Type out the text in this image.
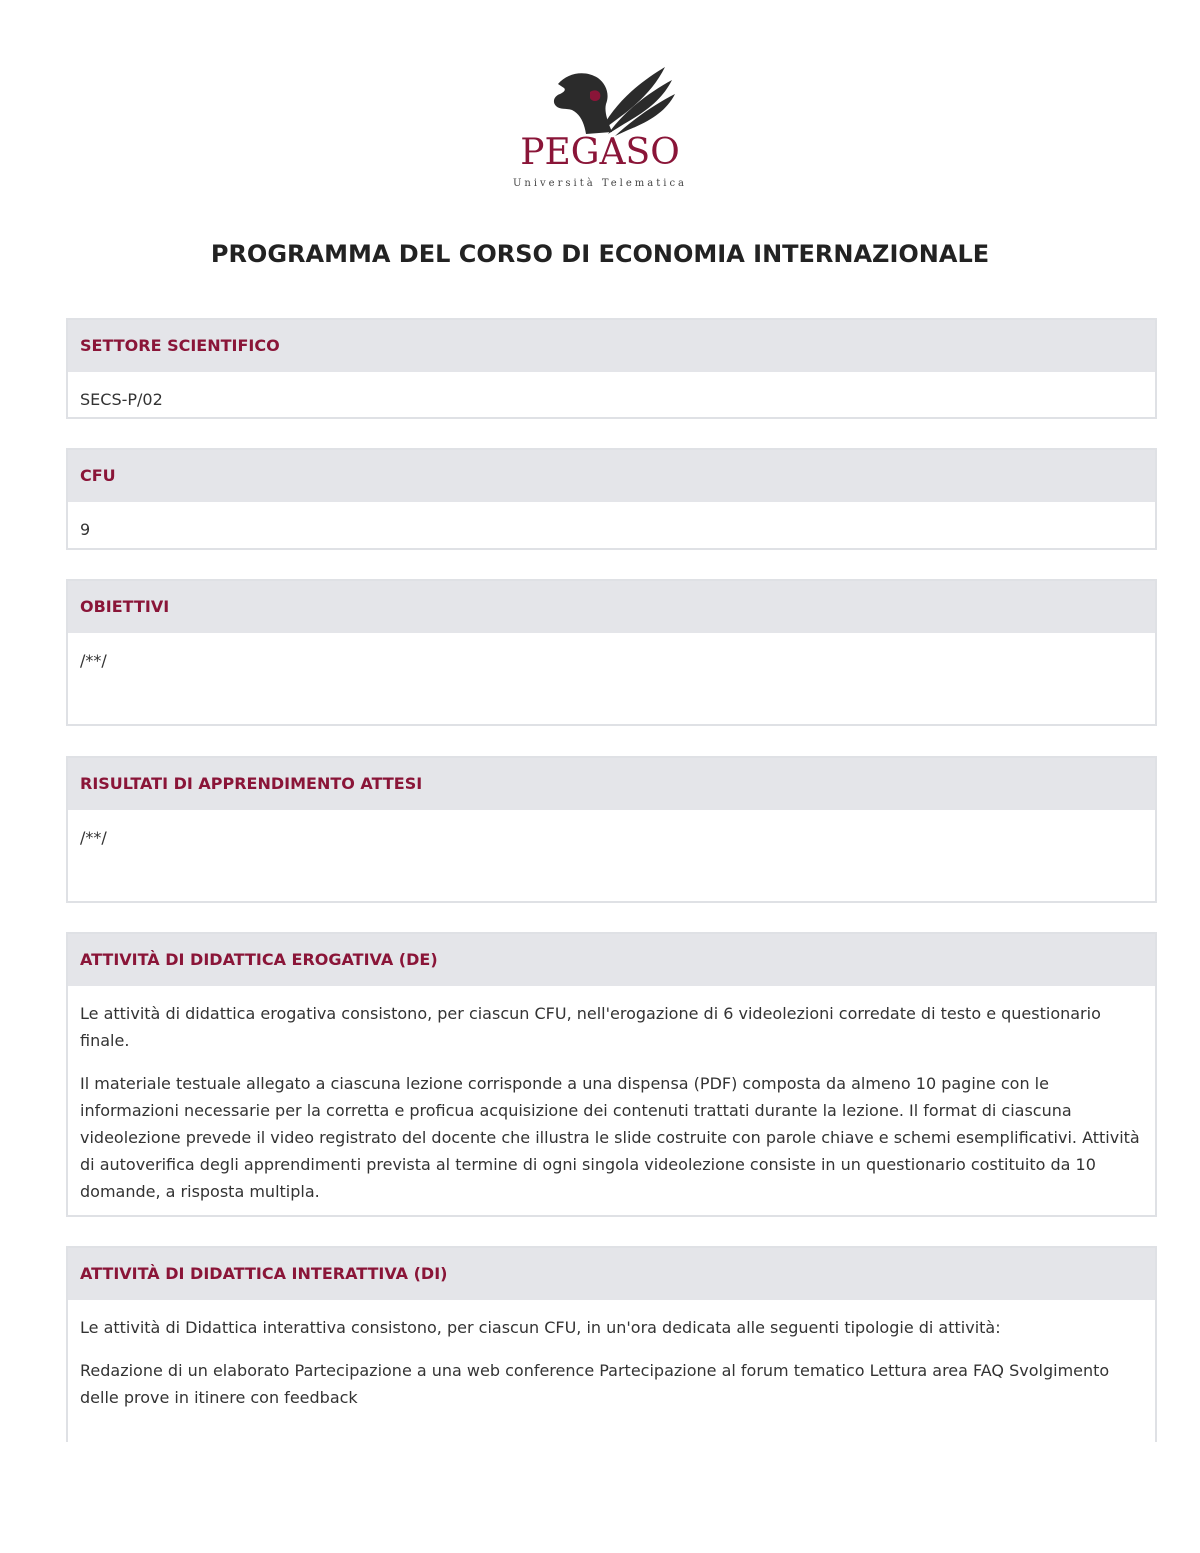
PEGASO
Università Telematica
PROGRAMMA DEL CORSO DI ECONOMIA INTERNAZIONALE
SETTORE SCIENTIFICO

SECS-P/02

CFU

9

OBIETTIVI

/**/

RISULTATI DI APPRENDIMENTO ATTESI

/**/

ATTIVITÀ DI DIDATTICA EROGATIVA (DE)

Le attività di didattica erogativa consistono, per ciascun CFU, nell'erogazione di 6 videolezioni corredate di testo e questionario finale.

Il materiale testuale allegato a ciascuna lezione corrisponde a una dispensa (PDF) composta da almeno 10 pagine con le informazioni necessarie per la corretta e proficua acquisizione dei contenuti trattati durante la lezione. Il format di ciascuna videolezione prevede il video registrato del docente che illustra le slide costruite con parole chiave e schemi esemplificativi. Attività di autoverifica degli apprendimenti prevista al termine di ogni singola videolezione consiste in un questionario costituito da 10 domande, a risposta multipla.

ATTIVITÀ DI DIDATTICA INTERATTIVA (DI)

Le attività di Didattica interattiva consistono, per ciascun CFU, in un'ora dedicata alle seguenti tipologie di attività:

Redazione di un elaborato Partecipazione a una web conference Partecipazione al forum tematico Lettura area FAQ Svolgimento delle prove in itinere con feedback
